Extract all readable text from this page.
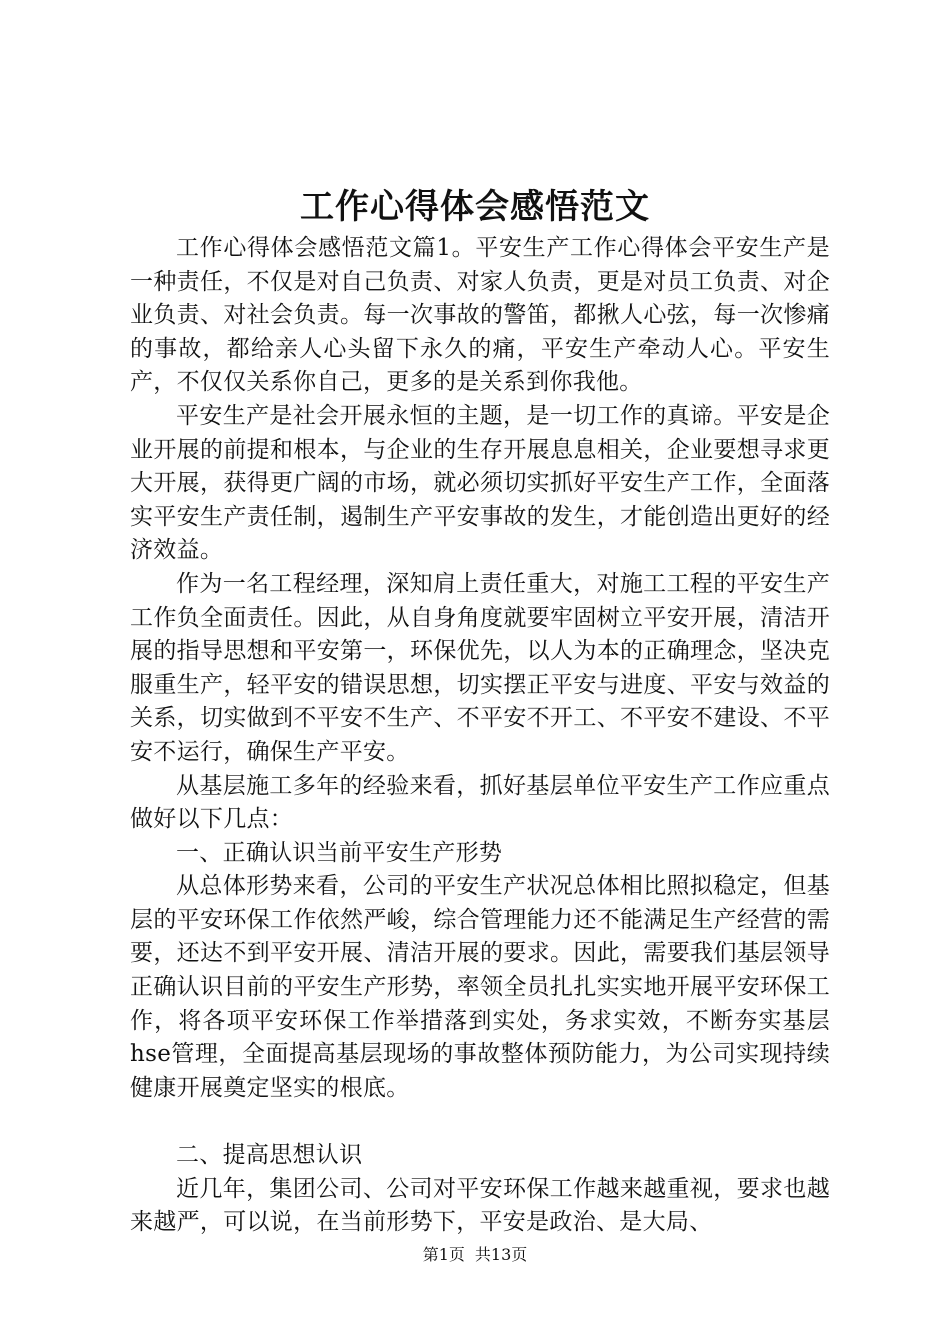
工作心得体会感悟范文

工作心得体会感悟范文篇1。平安生产工作心得体会平安生产是一种责任，不仅是对自己负责、对家人负责，更是对员工负责、对企业负责、对社会负责。每一次事故的警笛，都揪人心弦，每一次惨痛的事故，都给亲人心头留下永久的痛，平安生产牵动人心。平安生产，不仅仅关系你自己，更多的是关系到你我他。

平安生产是社会开展永恒的主题，是一切工作的真谛。平安是企业开展的前提和根本，与企业的生存开展息息相关，企业要想寻求更大开展，获得更广阔的市场，就必须切实抓好平安生产工作，全面落实平安生产责任制，遏制生产平安事故的发生，才能创造出更好的经济效益。

作为一名工程经理，深知肩上责任重大，对施工工程的平安生产工作负全面责任。因此，从自身角度就要牢固树立平安开展，清洁开展的指导思想和平安第一，环保优先，以人为本的正确理念，坚决克服重生产，轻平安的错误思想，切实摆正平安与进度、平安与效益的关系，切实做到不平安不生产、不平安不开工、不平安不建设、不平安不运行，确保生产平安。

从基层施工多年的经验来看，抓好基层单位平安生产工作应重点做好以下几点：

一、正确认识当前平安生产形势

从总体形势来看，公司的平安生产状况总体相比照拟稳定，但基层的平安环保工作依然严峻，综合管理能力还不能满足生产经营的需要，还达不到平安开展、清洁开展的要求。因此，需要我们基层领导正确认识目前的平安生产形势，率领全员扎扎实实地开展平安环保工作，将各项平安环保工作举措落到实处，务求实效，不断夯实基层hse管理，全面提高基层现场的事故整体预防能力，为公司实现持续健康开展奠定坚实的根底。

二、提高思想认识

近几年，集团公司、公司对平安环保工作越来越重视，要求也越来越严，可以说，在当前形势下，平安是政治、是大局、

第1页 共13页
